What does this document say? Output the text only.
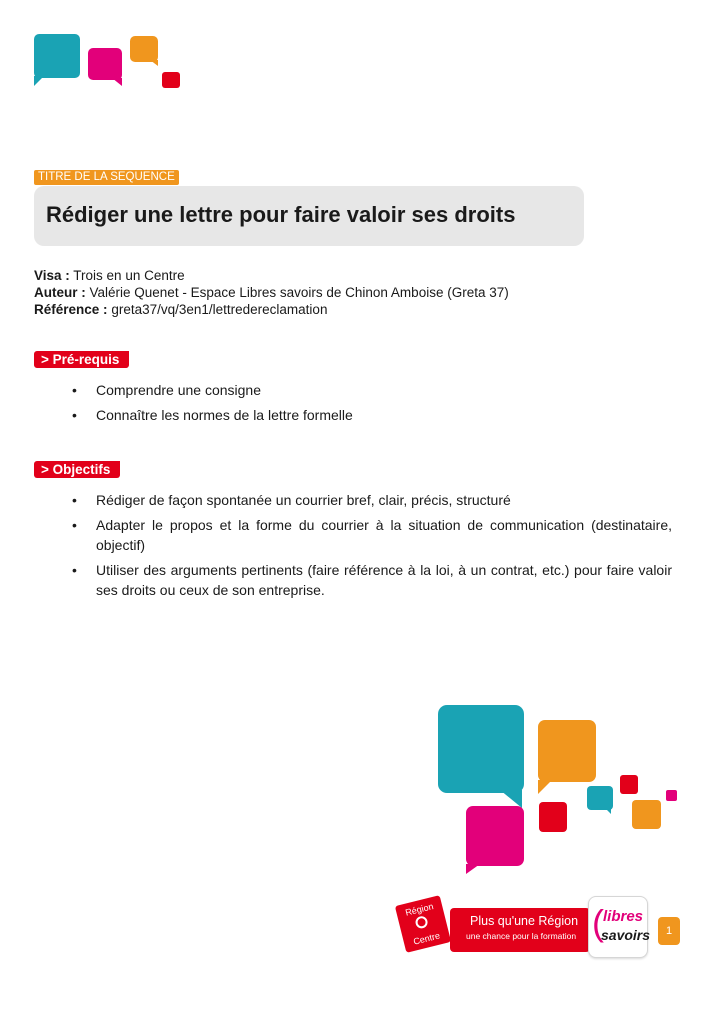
TITRE DE LA SEQUENCE
Rédiger une lettre pour faire valoir ses droits
Visa : Trois en un Centre
Auteur : Valérie Quenet - Espace Libres savoirs de Chinon Amboise (Greta 37)
Référence : greta37/vq/3en1/lettredereclamation
> Pré-requis
• Comprendre une consigne
• Connaître les normes de la lettre formelle
> Objectifs
• Rédiger de façon spontanée un courrier bref, clair, précis, structuré
• Adapter le propos et la forme du courrier à la situation de communication (destinataire, objectif)
• Utiliser des arguments pertinents (faire référence à la loi, à un contrat, etc.) pour faire valoir ses droits ou ceux de son entreprise.
Région
Centre
Plus qu'une Région
une chance pour la formation ( libres
savoirs	1
